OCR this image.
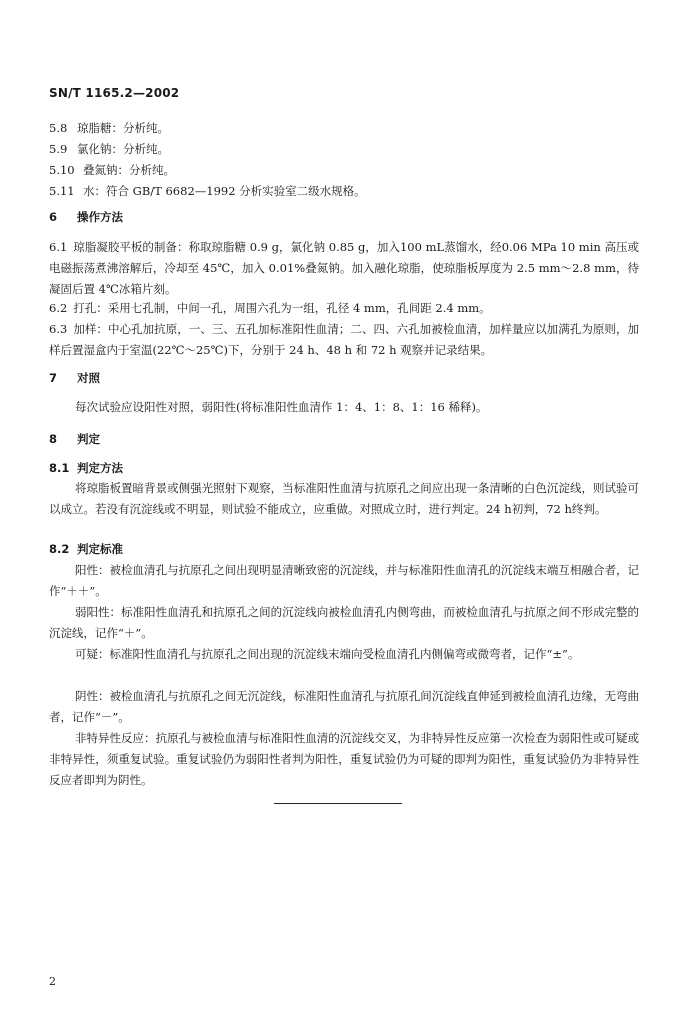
SN/T 1165.2—2002
5.8 琼脂糖：分析纯。
5.9 氯化钠：分析纯。
5.10 叠氮钠：分析纯。
5.11 水：符合 GB/T 6682—1992 分析实验室二级水规格。
6 操作方法
6.1 琼脂凝胶平板的制备：称取琼脂糖 0.9 g，氯化钠 0.85 g，加入100 mL蒸馏水，经0.06 MPa 10 min 高压或电磁振荡煮沸溶解后，冷却至 45℃，加入 0.01%叠氮钠。加入融化琼脂，使琼脂板厚度为 2.5 mm～2.8 mm，待凝固后置 4℃冰箱片刻。
6.2 打孔：采用七孔制，中间一孔，周围六孔为一组，孔径 4 mm，孔间距 2.4 mm。
6.3 加样：中心孔加抗原，一、三、五孔加标准阳性血清；二、四、六孔加被检血清，加样量应以加满孔为原则，加样后置湿盒内于室温(22℃～25℃)下，分别于 24 h、48 h 和 72 h 观察并记录结果。
7 对照
每次试验应设阳性对照，弱阳性(将标准阳性血清作 1：4、1：8、1：16 稀释)。
8 判定
8.1 判定方法
将琼脂板置暗背景或侧强光照射下观察，当标准阳性血清与抗原孔之间应出现一条清晰的白色沉淀线，则试验可以成立。若没有沉淀线或不明显，则试验不能成立，应重做。对照成立时，进行判定。24 h初判，72 h终判。
8.2 判定标准
阳性：被检血清孔与抗原孔之间出现明显清晰致密的沉淀线，并与标准阳性血清孔的沉淀线末端互相融合者，记作“＋＋”。
弱阳性：标准阳性血清孔和抗原孔之间的沉淀线向被检血清孔内侧弯曲，而被检血清孔与抗原之间不形成完整的沉淀线，记作“＋”。
可疑：标准阳性血清孔与抗原孔之间出现的沉淀线末端向受检血清孔内侧偏弯或微弯者，记作“±”。
阴性：被检血清孔与抗原孔之间无沉淀线，标准阳性血清孔与抗原孔间沉淀线直伸延到被检血清孔边缘，无弯曲者，记作“－”。
非特异性反应：抗原孔与被检血清与标准阳性血清的沉淀线交叉，为非特异性反应第一次检查为弱阳性或可疑或非特异性，须重复试验。重复试验仍为弱阳性者判为阳性，重复试验仍为可疑的即判为阳性，重复试验仍为非特异性反应者即判为阴性。
2
